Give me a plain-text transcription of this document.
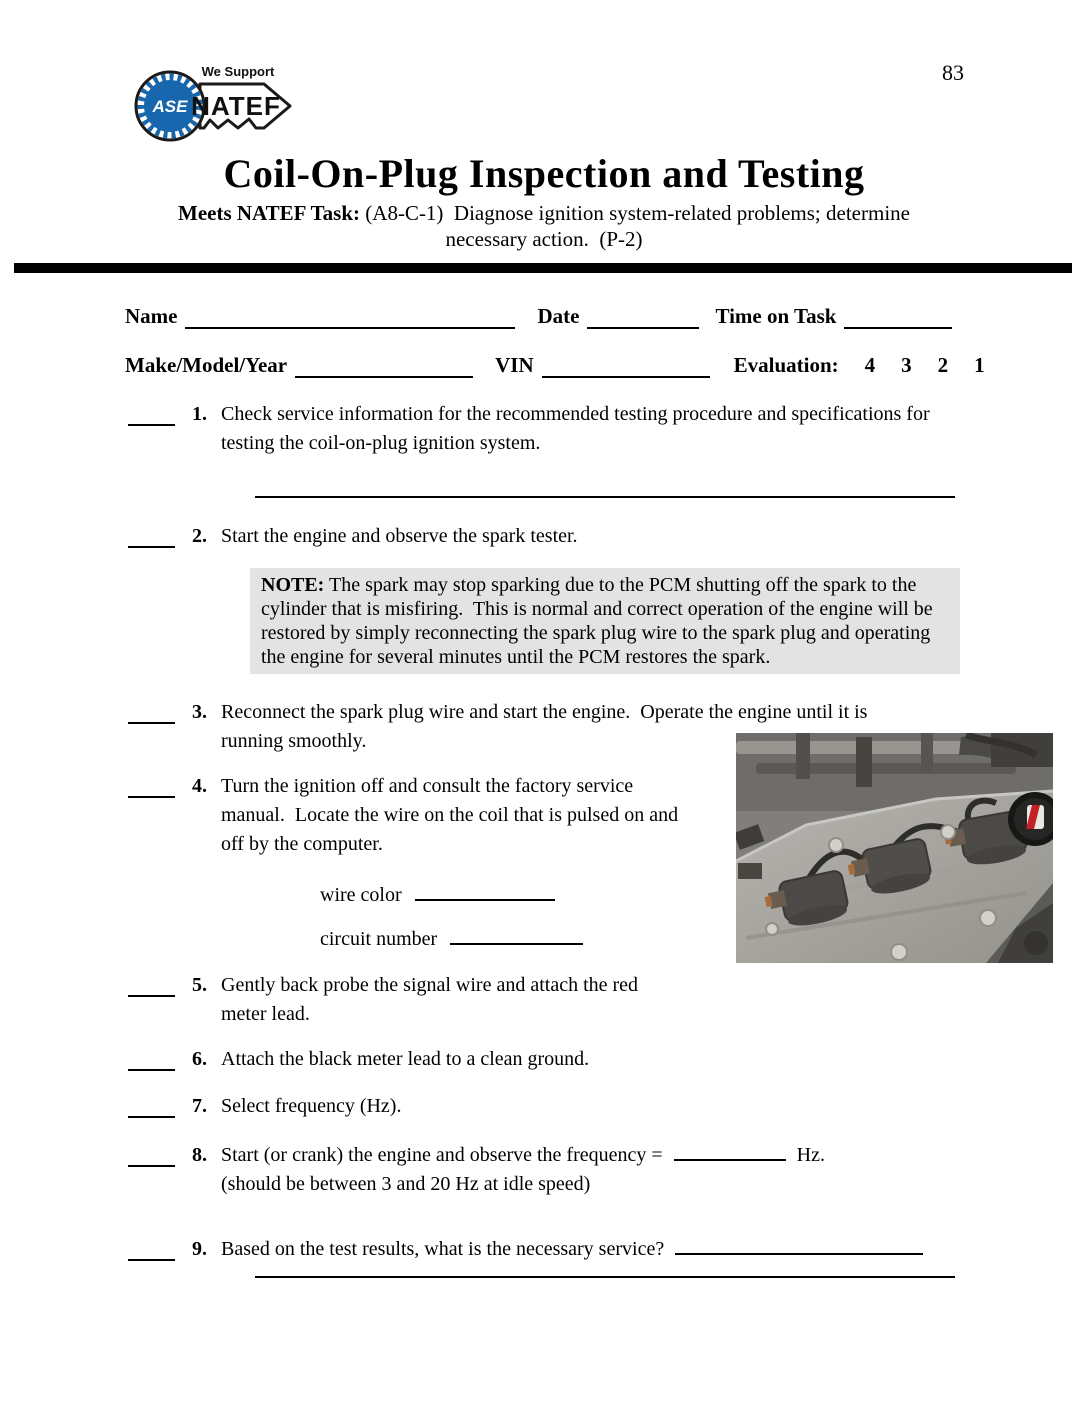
83
ASE
We Support
NATEF
Coil-On-Plug Inspection and Testing
Meets NATEF Task: (A8-C-1)  Diagnose ignition system-related problems; determine
necessary action.  (P-2)
Name	Date	Time on Task
Make/Model/Year	VIN	Evaluation: 4 3 2 1
1. Check service information for the recommended testing procedure and specifications for testing the coil-on-plug ignition system.
2. Start the engine and observe the spark tester.
NOTE: The spark may stop sparking due to the PCM shutting off the spark to the cylinder that is misfiring.  This is normal and correct operation of the engine will be restored by simply reconnecting the spark plug wire to the spark plug and operating the engine for several minutes until the PCM restores the spark.
3. Reconnect the spark plug wire and start the engine.  Operate the engine until it is running smoothly.
4. Turn the ignition off and consult the factory service manual.  Locate the wire on the coil that is pulsed on and off by the computer.
wire color
circuit number
5. Gently back probe the signal wire and attach the red meter lead.
6. Attach the black meter lead to a clean ground.
7. Select frequency (Hz).
8. Start (or crank) the engine and observe the frequency =	Hz.
(should be between 3 and 20 Hz at idle speed)
9. Based on the test results, what is the necessary service?
